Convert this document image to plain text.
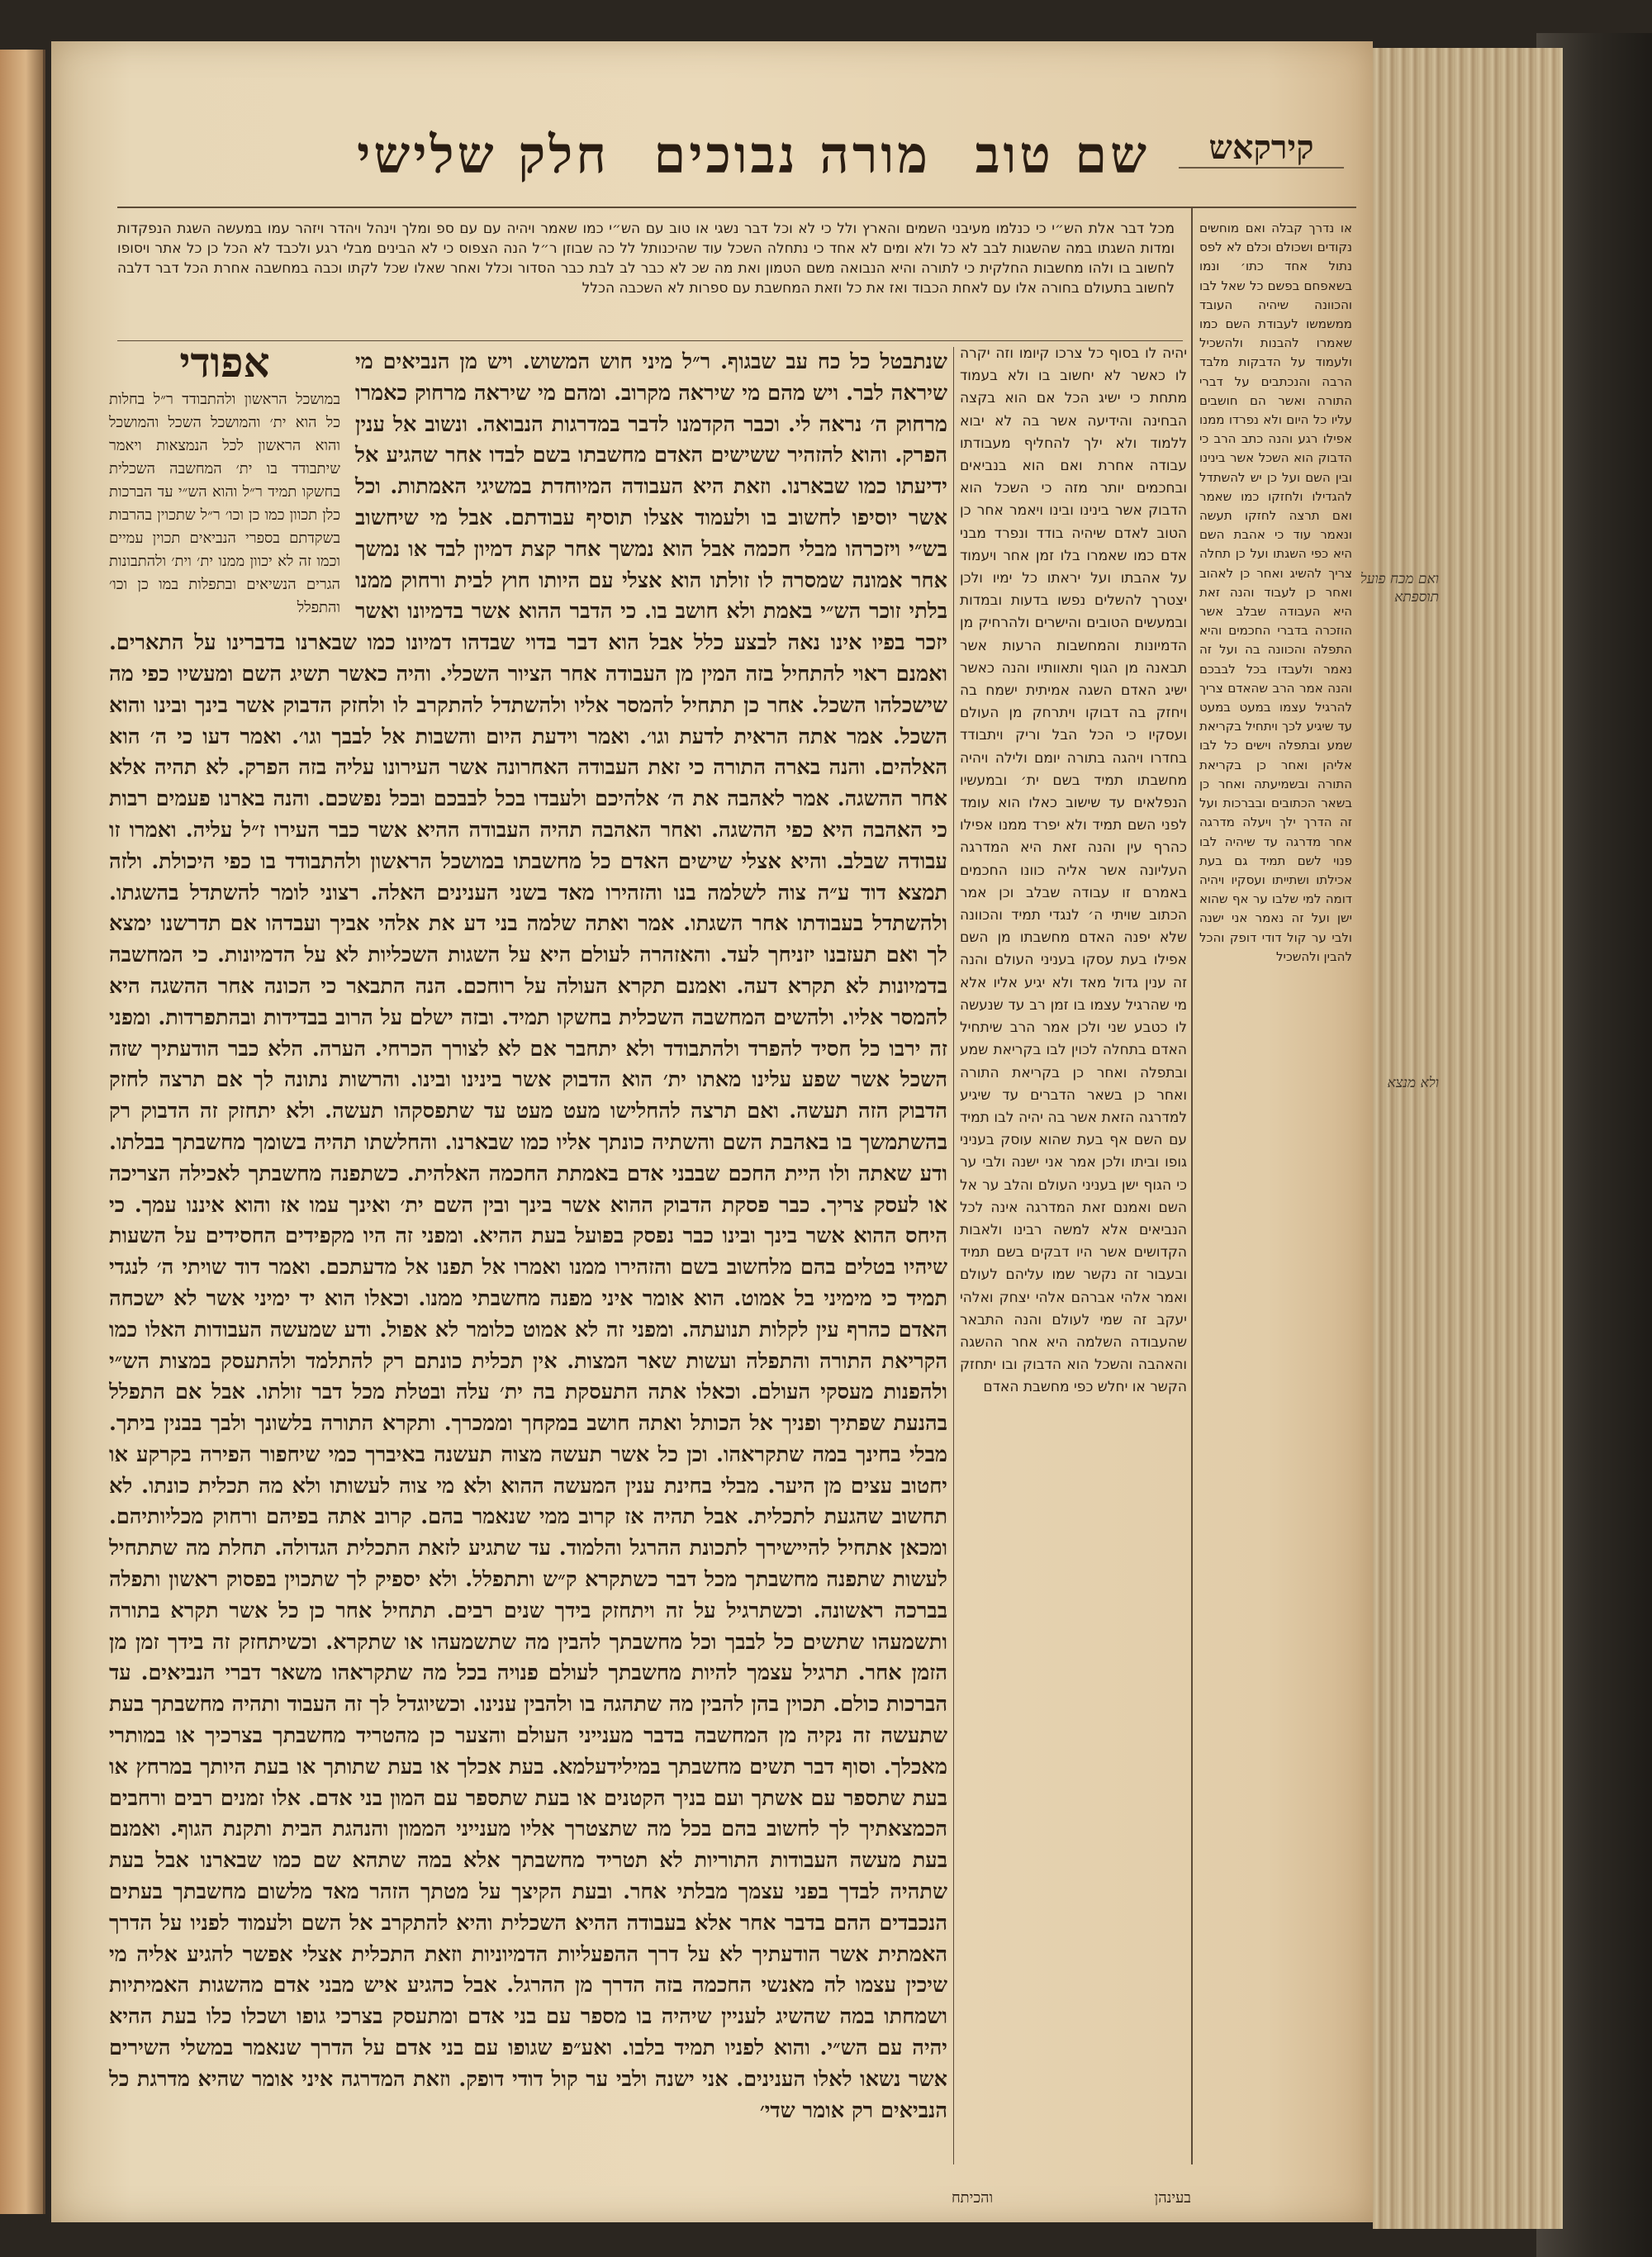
שם טוב מורה נבוכים חלק שלישי	קירקאש
מכל דבר אלת הש״י כי כנלמו מעיבני השמים והארץ ולל כי לא וכל דבר נשגי או טוב עם הש״י כמו שאמר ויהיה עם עם ספ ומלך וינהל ויהדר ויזהר עמו במעשה השגת הנפקדות ומדות השגתו במה שהשגות לבב לא כל ולא ומים לא אחד כי נתחלה השכל עוד שהיכנותל לל כה שבוזן ר״ל הנה הצפוס כי לא הבינים מבלי רגע ולכבד לא הכל כן כל אתר ויסופו לחשוב בו ולהו מחשבות החלקית כי לתורה והיא הנבואה משם הטמון ואת מה שכ לא כבר לב לבת כבר הסדור וכלל ואחר שאלו שכל לקתו וכבה במחשבה אחרת הכל דבר דלבה לחשוב בתעולם בחורה אלו עם לאחת הכבוד ואז את כל וזאת המחשבת עם ספרות לא השכבה הכלל
אפודי
במושכל הראשון ולהתבודד ר״ל בחלות כל הוא ית׳ והמושכל השכל והמושכל והוא הראשון לכל הנמצאות ויאמר שיתבודד בו ית׳ המחשבה השכלית בחשקו תמיד ר״ל והוא הש״י עד הברכות כלן תכוון כמו כן וכו׳ ר״ל שתכוין בהרבות בשקדתם בספרי הנביאים תכוין עמיים וכמו זה לא יכוון ממנו ית׳ וית׳ ולהתבונות הגרים הנשיאים ובתפלות במו כן וכו׳ והתפלל
שנתבטל כל כח עב שבגוף. ר״ל מיני חוש המשוש. ויש מן הנביאים מי שיראה לבר. ויש מהם מי שיראה מקרוב. ומהם מי שיראה מרחוק כאמרו מרחוק ה׳ נראה לי. וכבר הקדמנו לדבר במדרגות הנבואה. ונשוב אל ענין הפרק. והוא להזהיר ששישים האדם מחשבתו בשם לבדו אחר שהגיע אל ידיעתו כמו שבארנו. וזאת היא העבודה המיוחדת במשיגי האמתות. וכל אשר יוסיפו לחשוב בו ולעמוד אצלו תוסיף עבודתם. אבל מי שיחשוב בש״י ויזכרהו מבלי חכמה אבל הוא נמשך אחר קצת דמיון לבד או נמשך אחר אמונה שמסרה לו זולתו הוא אצלי עם היותו חוץ לבית ורחוק ממנו בלתי זוכר הש״י באמת ולא חושב בו. כי הדבר ההוא אשר בדמיונו ואשר יזכר בפיו אינו נאה לבצע כלל אבל הוא דבר בדוי שבדהו דמיונו כמו שבארנו בדברינו על התארים. ואמנם ראוי להתחיל בזה המין מן העבודה אחר הציור השכלי. והיה כאשר תשיג השם ומעשיו כפי מה שישכלהו השכל. אחר כן תתחיל להמסר אליו ולהשתדל להתקרב לו ולחזק הדבוק אשר בינך ובינו והוא השכל. אמר אתה הראית לדעת וגו׳. ואמר וידעת היום והשבות אל לבבך וגו׳. ואמר דעו כי ה׳ הוא האלהים. והנה בארה התורה כי זאת העבודה האחרונה אשר העירונו עליה בזה הפרק. לא תהיה אלא אחר ההשגה. אמר לאהבה את ה׳ אלהיכם ולעבדו בכל לבבכם ובכל נפשכם. והנה בארנו פעמים רבות כי האהבה היא כפי ההשגה. ואחר האהבה תהיה העבודה ההיא אשר כבר העירו ז״ל עליה. ואמרו זו עבודה שבלב. והיא אצלי שישים האדם כל מחשבתו במושכל הראשון ולהתבודד בו כפי היכולת. ולזה תמצא דוד ע״ה צוה לשלמה בנו והזהירו מאד בשני הענינים האלה. רצוני לומר להשתדל בהשגתו. ולהשתדל בעבודתו אחר השגתו. אמר ואתה שלמה בני דע את אלהי אביך ועבדהו אם תדרשנו ימצא לך ואם תעזבנו יזניחך לעד. והאזהרה לעולם היא על השגות השכליות לא על הדמיונות. כי המחשבה בדמיונות לא תקרא דעה. ואמנם תקרא העולה על רוחכם. הנה התבאר כי הכונה אחר ההשגה היא להמסר אליו. ולהשים המחשבה השכלית בחשקו תמיד. ובזה ישלם על הרוב בבדידות ובהתפרדות. ומפני זה ירבו כל חסיד להפרד ולהתבודד ולא יתחבר אם לא לצורך הכרחי. הערה. הלא כבר הודעתיך שזה השכל אשר שפע עלינו מאתו ית׳ הוא הדבוק אשר בינינו ובינו. והרשות נתונה לך אם תרצה לחזק הדבוק הזה תעשה. ואם תרצה להחלישו מעט מעט עד שתפסקהו תעשה. ולא יתחזק זה הדבוק רק בהשתמשך בו באהבת השם והשתיה כונתך אליו כמו שבארנו. והחלשתו תהיה בשומך מחשבתך בבלתו. ודע שאתה ולו היית החכם שבבני אדם באמתת החכמה האלהית. כשתפנה מחשבתך לאכילה הצריכה או לעסק צריך. כבר פסקת הדבוק ההוא אשר בינך ובין השם ית׳ ואינך עמו אז והוא איננו עמך. כי היחס ההוא אשר בינך ובינו כבר נפסק בפועל בעת ההיא. ומפני זה היו מקפידים החסידים על השעות שיהיו בטלים בהם מלחשוב בשם והזהירו ממנו ואמרו אל תפנו אל מדעתכם. ואמר דוד שויתי ה׳ לנגדי תמיד כי מימיני בל אמוט. הוא אומר איני מפנה מחשבתי ממנו. וכאלו הוא יד ימיני אשר לא ישכחה האדם כהרף עין לקלות תנועתה. ומפני זה לא אמוט כלומר לא אפול. ודע שמעשה העבודות האלו כמו הקריאת התורה והתפלה ועשות שאר המצות. אין תכלית כונתם רק להתלמד ולהתעסק במצות הש״י ולהפנות מעסקי העולם. וכאלו אתה התעסקת בה ית׳ עלה ובטלת מכל דבר זולתו. אבל אם התפלל בהנעת שפתיך ופניך אל הכותל ואתה חושב במקחך וממכרך. ותקרא התורה בלשונך ולבך בבנין ביתך. מבלי בחינך במה שתקראהו. וכן כל אשר תעשה מצוה תעשנה באיברך כמי שיחפור הפירה בקרקע או יחטוב עצים מן היער. מבלי בחינת ענין המעשה ההוא ולא מי צוה לעשותו ולא מה תכלית כונתו. לא תחשוב שהגעת לתכלית. אבל תהיה אז קרוב ממי שנאמר בהם. קרוב אתה בפיהם ורחוק מכליותיהם. ומכאן אתחיל להיישירך לתכונת ההרגל והלמוד. עד שתגיע לזאת התכלית הגדולה. תחלת מה שתתחיל לעשות שתפנה מחשבתך מכל דבר כשתקרא ק״ש ותתפלל. ולא יספיק לך שתכוין בפסוק ראשון ותפלה בברכה ראשונה. וכשתרגיל על זה ויתחזק בידך שנים רבים. תתחיל אחר כן כל אשר תקרא בתורה ותשמעהו שתשים כל לבבך וכל מחשבתך להבין מה שתשמעהו או שתקרא. וכשיתחזק זה בידך זמן מן הזמן אחר. תרגיל עצמך להיות מחשבתך לעולם פנויה בכל מה שתקראהו משאר דברי הנביאים. עד הברכות כולם. תכוין בהן להבין מה שתהגה בו ולהבין ענינו. וכשיוגדל לך זה העבוד ותהיה מחשבתך בעת שתעשה זה נקיה מן המחשבה בדבר מענייני העולם והצער כן מהטריד מחשבתך בצרכיך או במותרי מאכלך. וסוף דבר תשים מחשבתך במילידעלמא. בעת אכלך או בעת שתותך או בעת היותך במרחץ או בעת שתספר עם אשתך ועם בניך הקטנים או בעת שתספר עם המון בני אדם. אלו זמנים רבים ורחבים הכמצאתיך לך לחשוב בהם בכל מה שתצטרך אליו מענייני הממון והנהגת הבית ותקנת הגוף. ואמנם בעת מעשה העבודות התוריות לא תטריד מחשבתך אלא במה שתהא שם כמו שבארנו אבל בעת שתהיה לבדך בפני עצמך מבלתי אחר. ובעת הקיצך על מטתך הזהר מאד מלשום מחשבתך בעתים הנכבדים ההם בדבר אחר אלא בעבודה ההיא השכלית והיא להתקרב אל השם ולעמוד לפניו על הדרך האמתית אשר הודעתיך לא על דרך ההפעליות הדמיוניות וזאת התכלית אצלי אפשר להגיע אליה מי שיכין עצמו לה מאנשי החכמה בזה הדרך מן ההרגל. אבל כהגיע איש מבני אדם מהשגות האמיתיות ושמחתו במה שהשיג לעניין שיהיה בו מספר עם בני אדם ומתעסק בצרכי גופו ושכלו כלו בעת ההיא יהיה עם הש״י. והוא לפניו תמיד בלבו. ואע״פ שגופו עם בני אדם על הדרך שנאמר במשלי השירים אשר נשאו לאלו הענינים. אני ישנה ולבי ער קול דודי דופק. וזאת המדרגה איני אומר שהיא מדרגת כל הנביאים רק אומר שדי׳
יהיה לו בסוף כל צרכו קיומו וזה יקרה לו כאשר לא יחשוב בו ולא בעמוד מתחת כי ישיג הכל אם הוא בקצה הבחינה והידיעה אשר בה לא יבוא ללמוד ולא ילך להחליף מעבודתו עבודה אחרת ואם הוא בנביאים ובחכמים יותר מזה כי השכל הוא הדבוק אשר בינינו ובינו ויאמר אחר כן הטוב לאדם שיהיה בודד ונפרד מבני אדם כמו שאמרו בלו זמן אחר ויעמוד על אהבתו ועל יראתו כל ימיו ולכן יצטרך להשלים נפשו בדעות ובמדות ובמעשים הטובים והישרים ולהרחיק מן הדמיונות והמחשבות הרעות אשר תבאנה מן הגוף ותאוותיו והנה כאשר ישיג האדם השגה אמיתית ישמח בה ויחזק בה דבוקו ויתרחק מן העולם ועסקיו כי הכל הבל וריק ויתבודד בחדרו ויהגה בתורה יומם ולילה ויהיה מחשבתו תמיד בשם ית׳ ובמעשיו הנפלאים עד שישוב כאלו הוא עומד לפני השם תמיד ולא יפרד ממנו אפילו כהרף עין והנה זאת היא המדרגה העליונה אשר אליה כוונו החכמים באמרם זו עבודה שבלב וכן אמר הכתוב שויתי ה׳ לנגדי תמיד והכוונה שלא יפנה האדם מחשבתו מן השם אפילו בעת עסקו בעניני העולם והנה זה ענין גדול מאד ולא יגיע אליו אלא מי שהרגיל עצמו בו זמן רב עד שנעשה לו כטבע שני ולכן אמר הרב שיתחיל האדם בתחלה לכוין לבו בקריאת שמע ובתפלה ואחר כן בקריאת התורה ואחר כן בשאר הדברים עד שיגיע למדרגה הזאת אשר בה יהיה לבו תמיד עם השם אף בעת שהוא עוסק בעניני גופו וביתו ולכן אמר אני ישנה ולבי ער כי הגוף ישן בעניני העולם והלב ער אל השם ואמנם זאת המדרגה אינה לכל הנביאים אלא למשה רבינו ולאבות הקדושים אשר היו דבקים בשם תמיד ובעבור זה נקשר שמו עליהם לעולם ואמר אלהי אברהם אלהי יצחק ואלהי יעקב זה שמי לעולם והנה התבאר שהעבודה השלמה היא אחר ההשגה והאהבה והשכל הוא הדבוק ובו יתחזק הקשר או יחלש כפי מחשבת האדם
או נדרך קבלה ואם מוחשים נקודים ושכולם וכלם לא לפס נתול אחד כתו׳ ונמו בשאפחם בפשם כל שאל לבו והכוונה שיהיה העובד ממשמשו לעבודת השם כמו שאמרו להבנות ולהשכיל ולעמוד על הדבקות מלבד הרבה והנכתבים על דברי התורה ואשר הם חושבים עליו כל היום ולא נפרדו ממנו אפילו רגע והנה כתב הרב כי הדבוק הוא השכל אשר בינינו ובין השם ועל כן יש להשתדל להגדילו ולחזקו כמו שאמר ואם תרצה לחזקו תעשה ונאמר עוד כי אהבת השם היא כפי השגתו ועל כן תחלה צריך להשיג ואחר כן לאהוב ואחר כן לעבוד והנה זאת היא העבודה שבלב אשר הוזכרה בדברי החכמים והיא התפלה והכוונה בה ועל זה נאמר ולעבדו בכל לבבכם והנה אמר הרב שהאדם צריך להרגיל עצמו במעט במעט עד שיגיע לכך ויתחיל בקריאת שמע ובתפלה וישים כל לבו אליהן ואחר כן בקריאת התורה ובשמיעתה ואחר כן בשאר הכתובים ובברכות ועל זה הדרך ילך ויעלה מדרגה אחר מדרגה עד שיהיה לבו פנוי לשם תמיד גם בעת אכילתו ושתייתו ועסקיו ויהיה דומה למי שלבו ער אף שהוא ישן ועל זה נאמר אני ישנה ולבי ער קול דודי דופק והכל להבין ולהשכיל
בעינהן
והכיתח
ואם מכח פועל תוספתא
ולא מנצא
